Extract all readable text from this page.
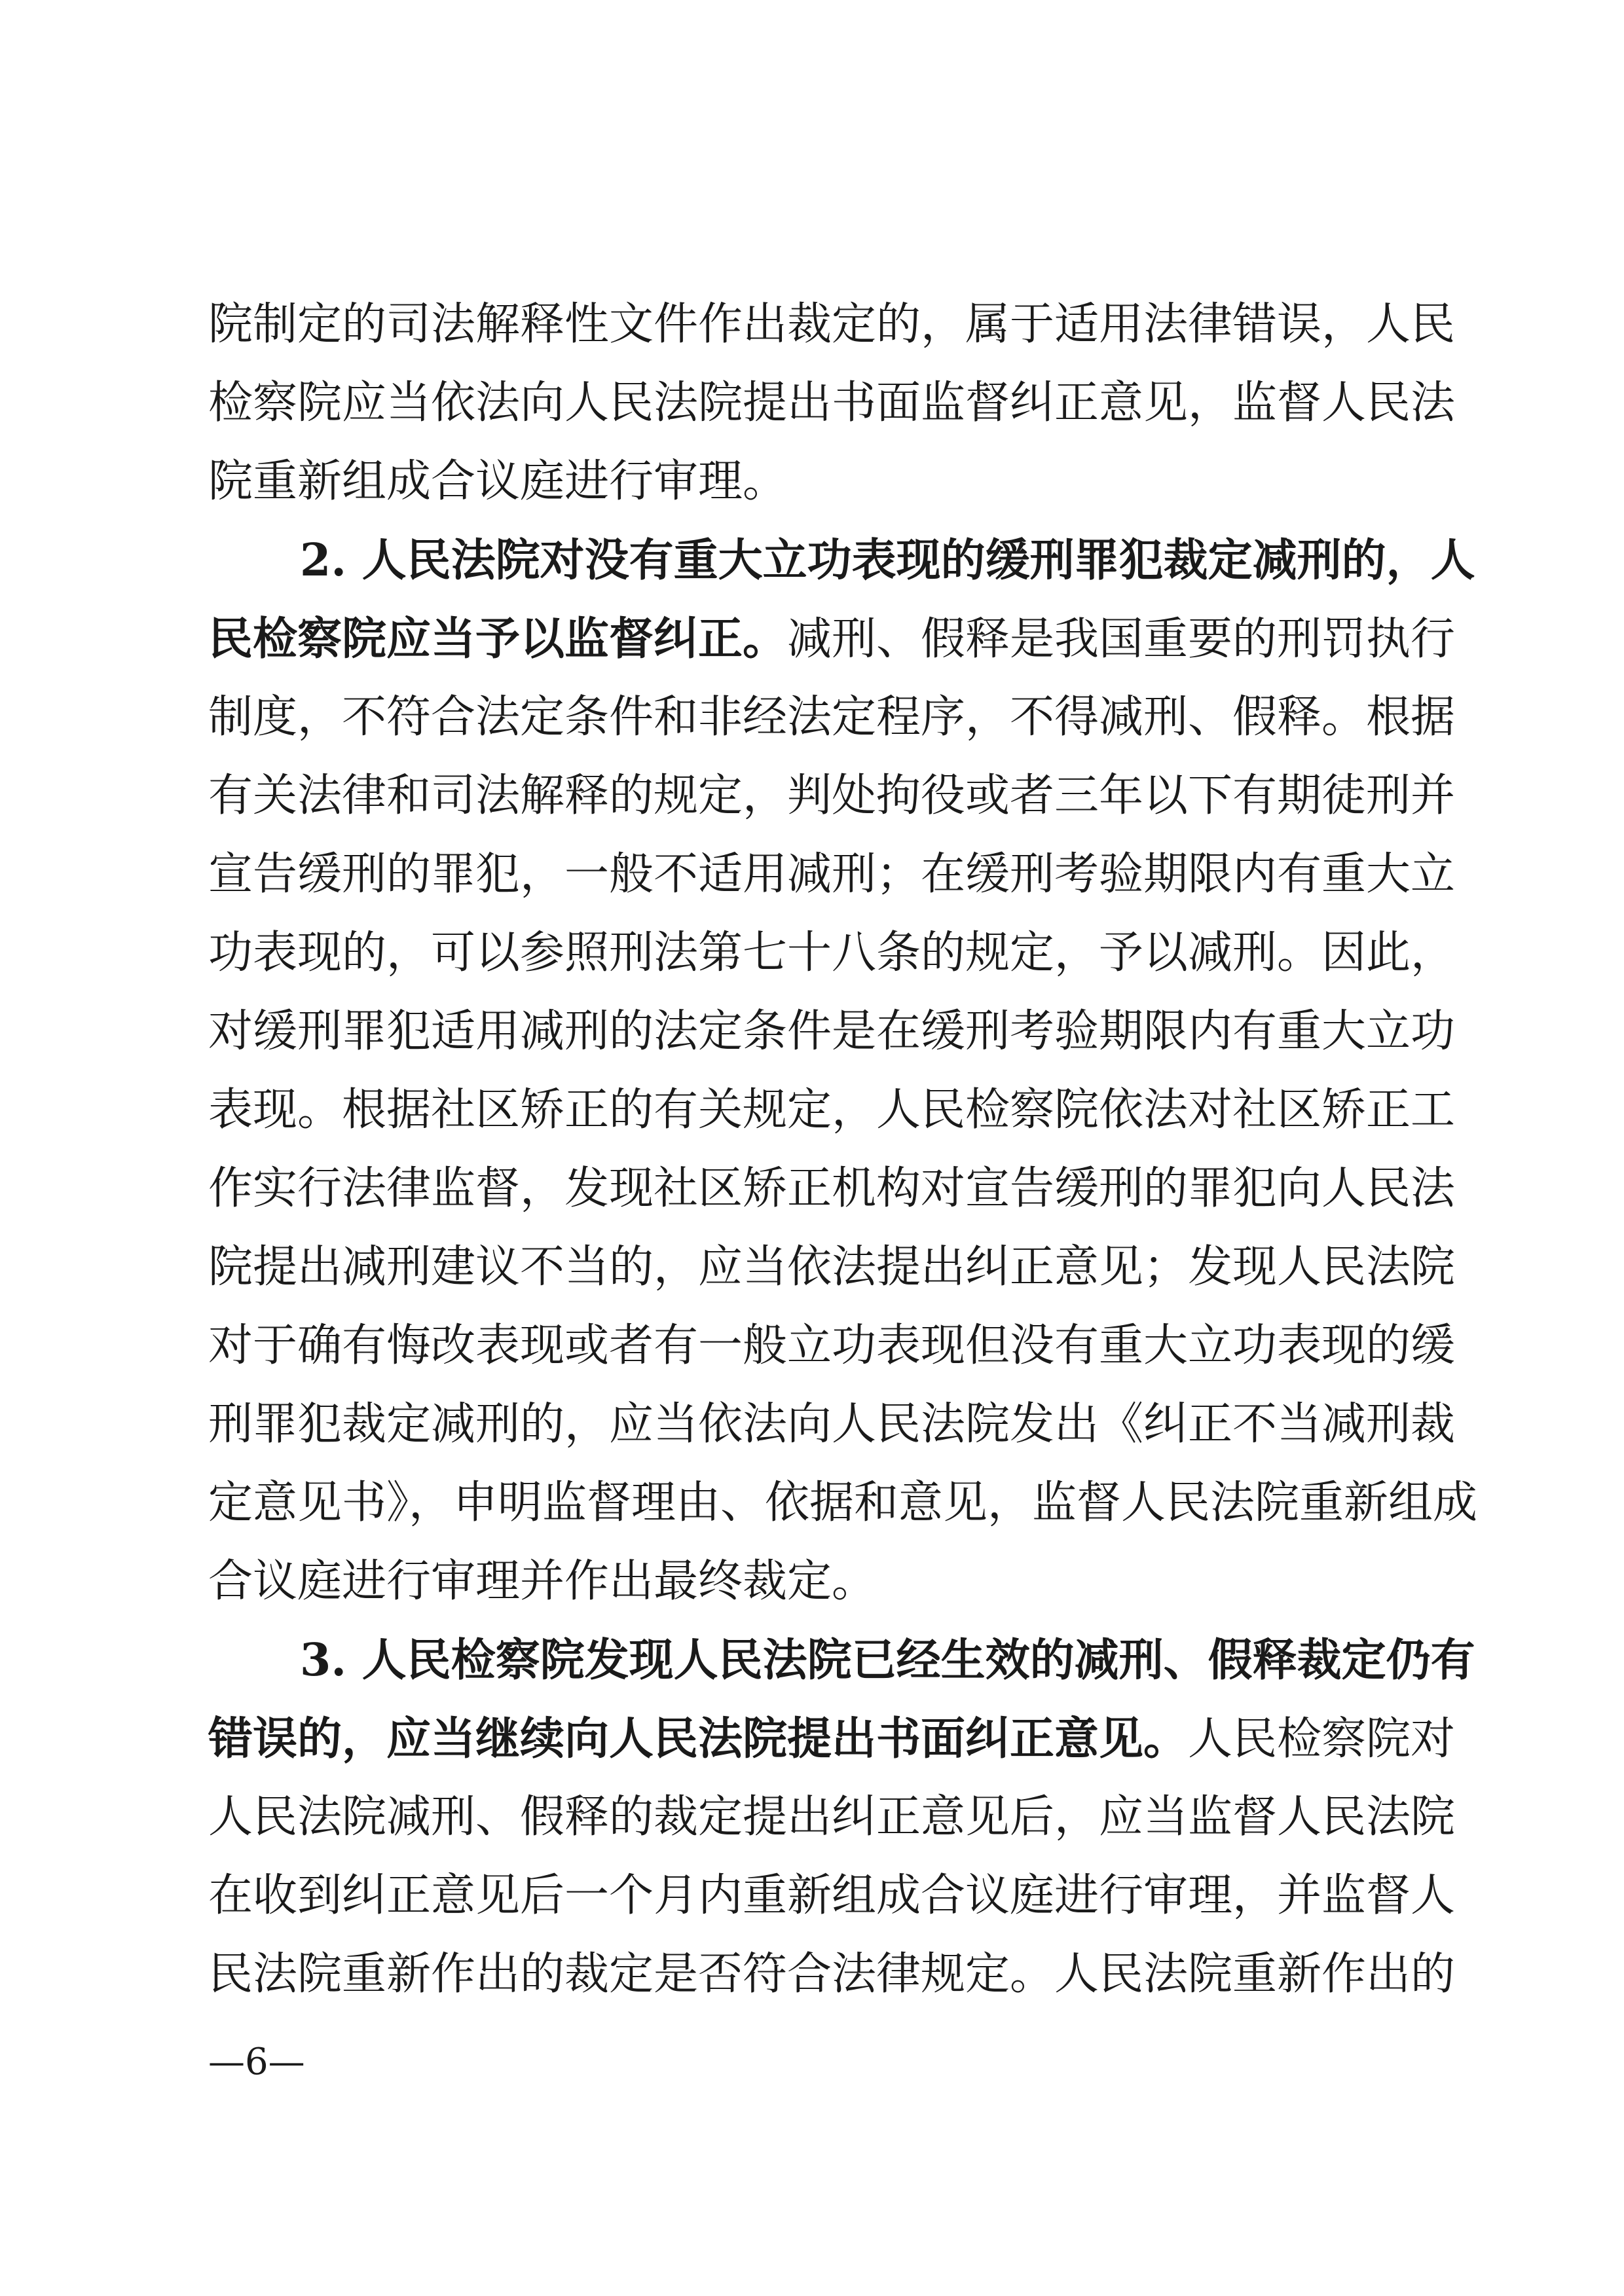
院制定的司法解释性文件作出裁定的，属于适用法律错误，人民
检察院应当依法向人民法院提出书面监督纠正意见，监督人民法
院重新组成合议庭进行审理。
2. 人民法院对没有重大立功表现的缓刑罪犯裁定减刑的，人
民检察院应当予以监督纠正。减刑、假释是我国重要的刑罚执行
制度，不符合法定条件和非经法定程序，不得减刑、假释。根据
有关法律和司法解释的规定，判处拘役或者三年以下有期徒刑并
宣告缓刑的罪犯，一般不适用减刑；在缓刑考验期限内有重大立
功表现的，可以参照刑法第七十八条的规定，予以减刑。因此，
对缓刑罪犯适用减刑的法定条件是在缓刑考验期限内有重大立功
表现。根据社区矫正的有关规定，人民检察院依法对社区矫正工
作实行法律监督，发现社区矫正机构对宣告缓刑的罪犯向人民法
院提出减刑建议不当的，应当依法提出纠正意见；发现人民法院
对于确有悔改表现或者有一般立功表现但没有重大立功表现的缓
刑罪犯裁定减刑的，应当依法向人民法院发出《纠正不当减刑裁
定意见书》，申明监督理由、依据和意见，监督人民法院重新组成
合议庭进行审理并作出最终裁定。
3. 人民检察院发现人民法院已经生效的减刑、假释裁定仍有
错误的，应当继续向人民法院提出书面纠正意见。人民检察院对
人民法院减刑、假释的裁定提出纠正意见后，应当监督人民法院
在收到纠正意见后一个月内重新组成合议庭进行审理，并监督人
民法院重新作出的裁定是否符合法律规定。人民法院重新作出的
—6—
